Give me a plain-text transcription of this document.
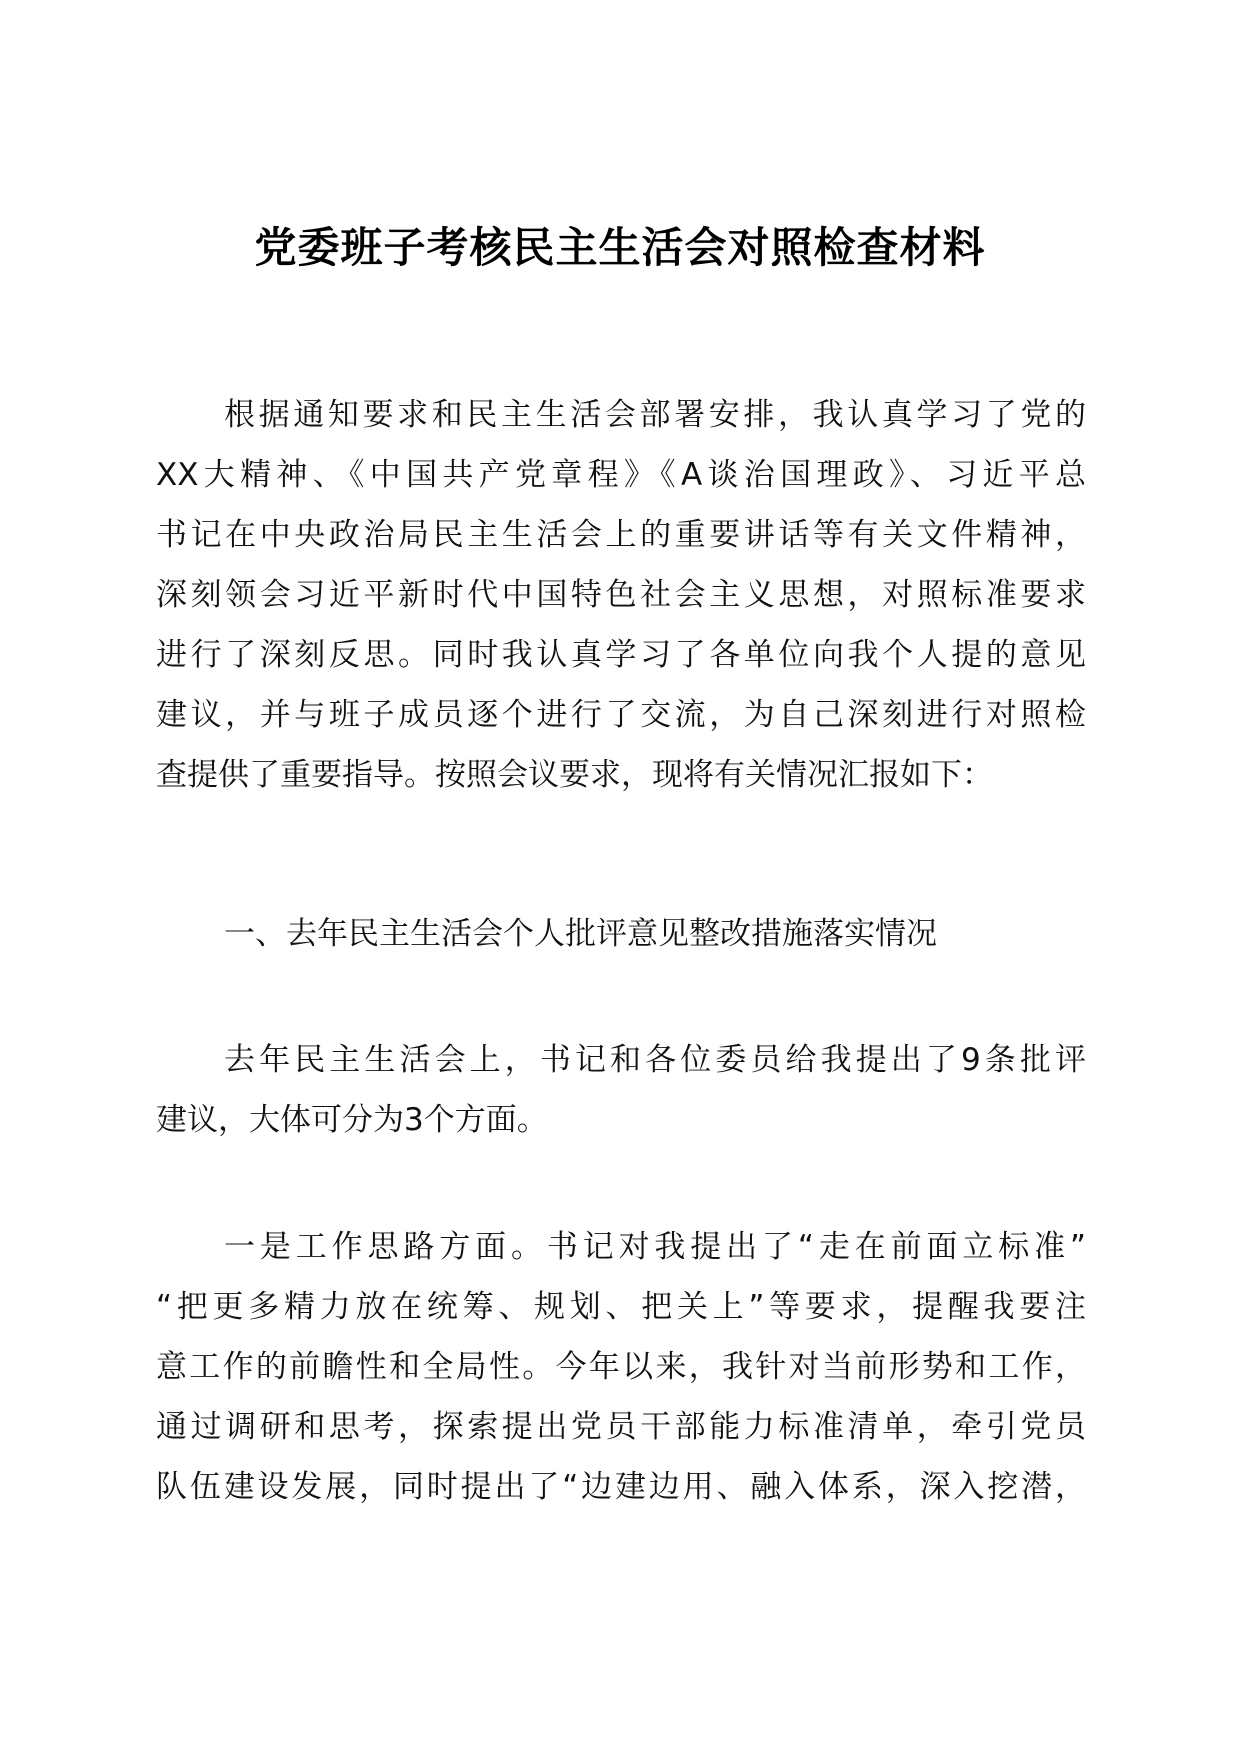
党委班子考核民主生活会对照检查材料

根据通知要求和民主生活会部署安排，我认真学习了党的

XX大精神、《中国共产党章程》《A谈治国理政》、习近平总

书记在中央政治局民主生活会上的重要讲话等有关文件精神，

深刻领会习近平新时代中国特色社会主义思想，对照标准要求

进行了深刻反思。同时我认真学习了各单位向我个人提的意见

建议，并与班子成员逐个进行了交流，为自己深刻进行对照检

查提供了重要指导。按照会议要求，现将有关情况汇报如下：

一、去年民主生活会个人批评意见整改措施落实情况

去年民主生活会上，书记和各位委员给我提出了9条批评

建议，大体可分为3个方面。

一是工作思路方面。书记对我提出了“走在前面立标准”

“把更多精力放在统筹、规划、把关上”等要求，提醒我要注

意工作的前瞻性和全局性。今年以来，我针对当前形势和工作，

通过调研和思考，探索提出党员干部能力标准清单，牵引党员

队伍建设发展，同时提出了“边建边用、融入体系，深入挖潜，
